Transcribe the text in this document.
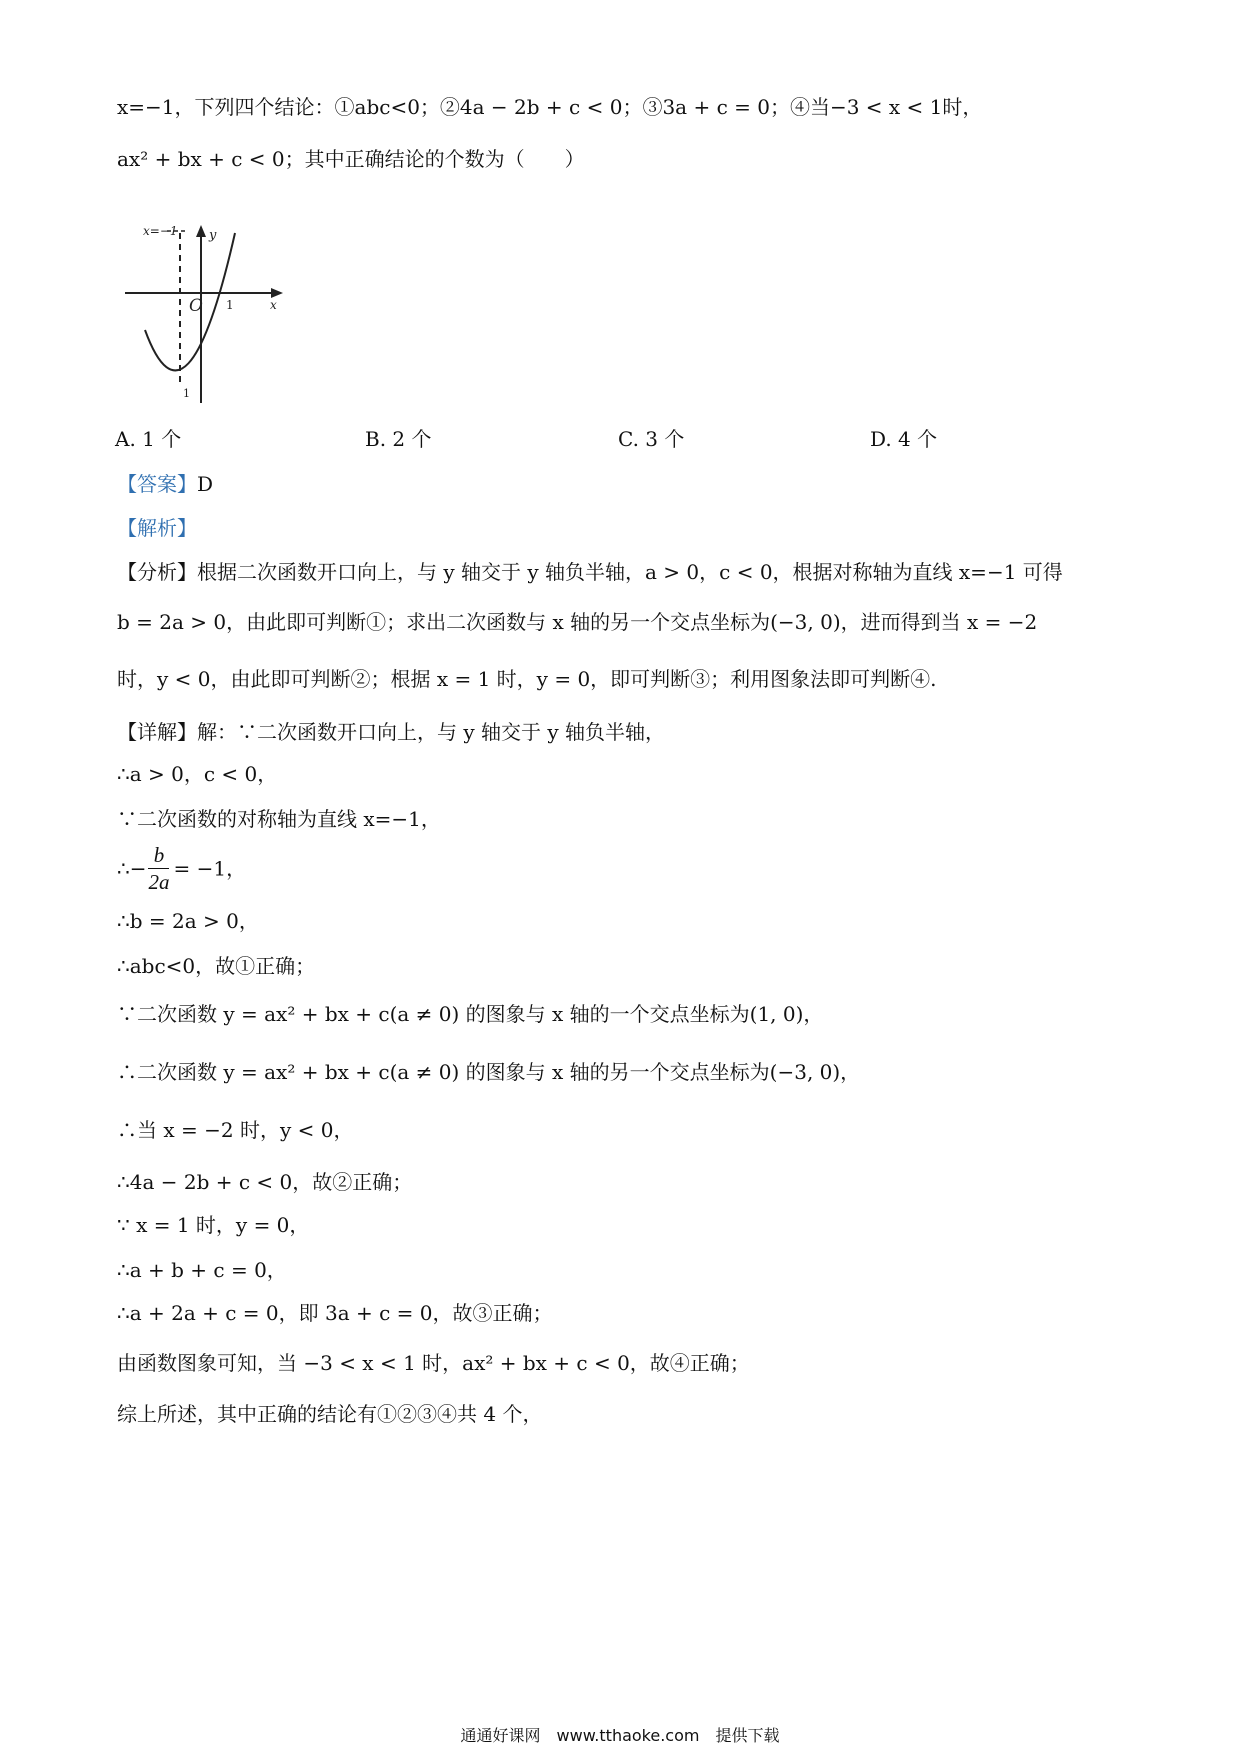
x=−1，下列四个结论：①abc<0；②4a − 2b + c < 0；③3a + c = 0；④当−3 < x < 1时，
ax² + bx + c < 0；其中正确结论的个数为（　　）
x=−1 y
x
O 1
1
A. 1 个	B. 2 个	C. 3 个	D. 4 个
【答案】D
【解析】
【分析】根据二次函数开口向上，与 y 轴交于 y 轴负半轴，a > 0，c < 0，根据对称轴为直线 x=−1 可得
b = 2a > 0，由此即可判断①；求出二次函数与 x 轴的另一个交点坐标为(−3, 0)，进而得到当 x = −2
时，y < 0，由此即可判断②；根据 x = 1 时，y = 0，即可判断③；利用图象法即可判断④.
【详解】解：∵二次函数开口向上，与 y 轴交于 y 轴负半轴，
∴a > 0，c < 0，
∵二次函数的对称轴为直线 x=−1，
∴− $\frac{b}{2a} = -1$，
∴b = 2a > 0，
∴abc<0，故①正确；
∵二次函数 y = ax² + bx + c(a ≠ 0) 的图象与 x 轴的一个交点坐标为(1, 0)，
∴二次函数 y = ax² + bx + c(a ≠ 0) 的图象与 x 轴的另一个交点坐标为(−3, 0)，
∴当 x = −2 时，y < 0，
∴4a − 2b + c < 0，故②正确；
∵ x = 1 时，y = 0，
∴a + b + c = 0，
∴a + 2a + c = 0，即 3a + c = 0，故③正确；
由函数图象可知，当 −3 < x < 1 时，ax² + bx + c < 0，故④正确；
综上所述，其中正确的结论有①②③④共 4 个，
通通好课网　www.tthaoke.com　提供下载
